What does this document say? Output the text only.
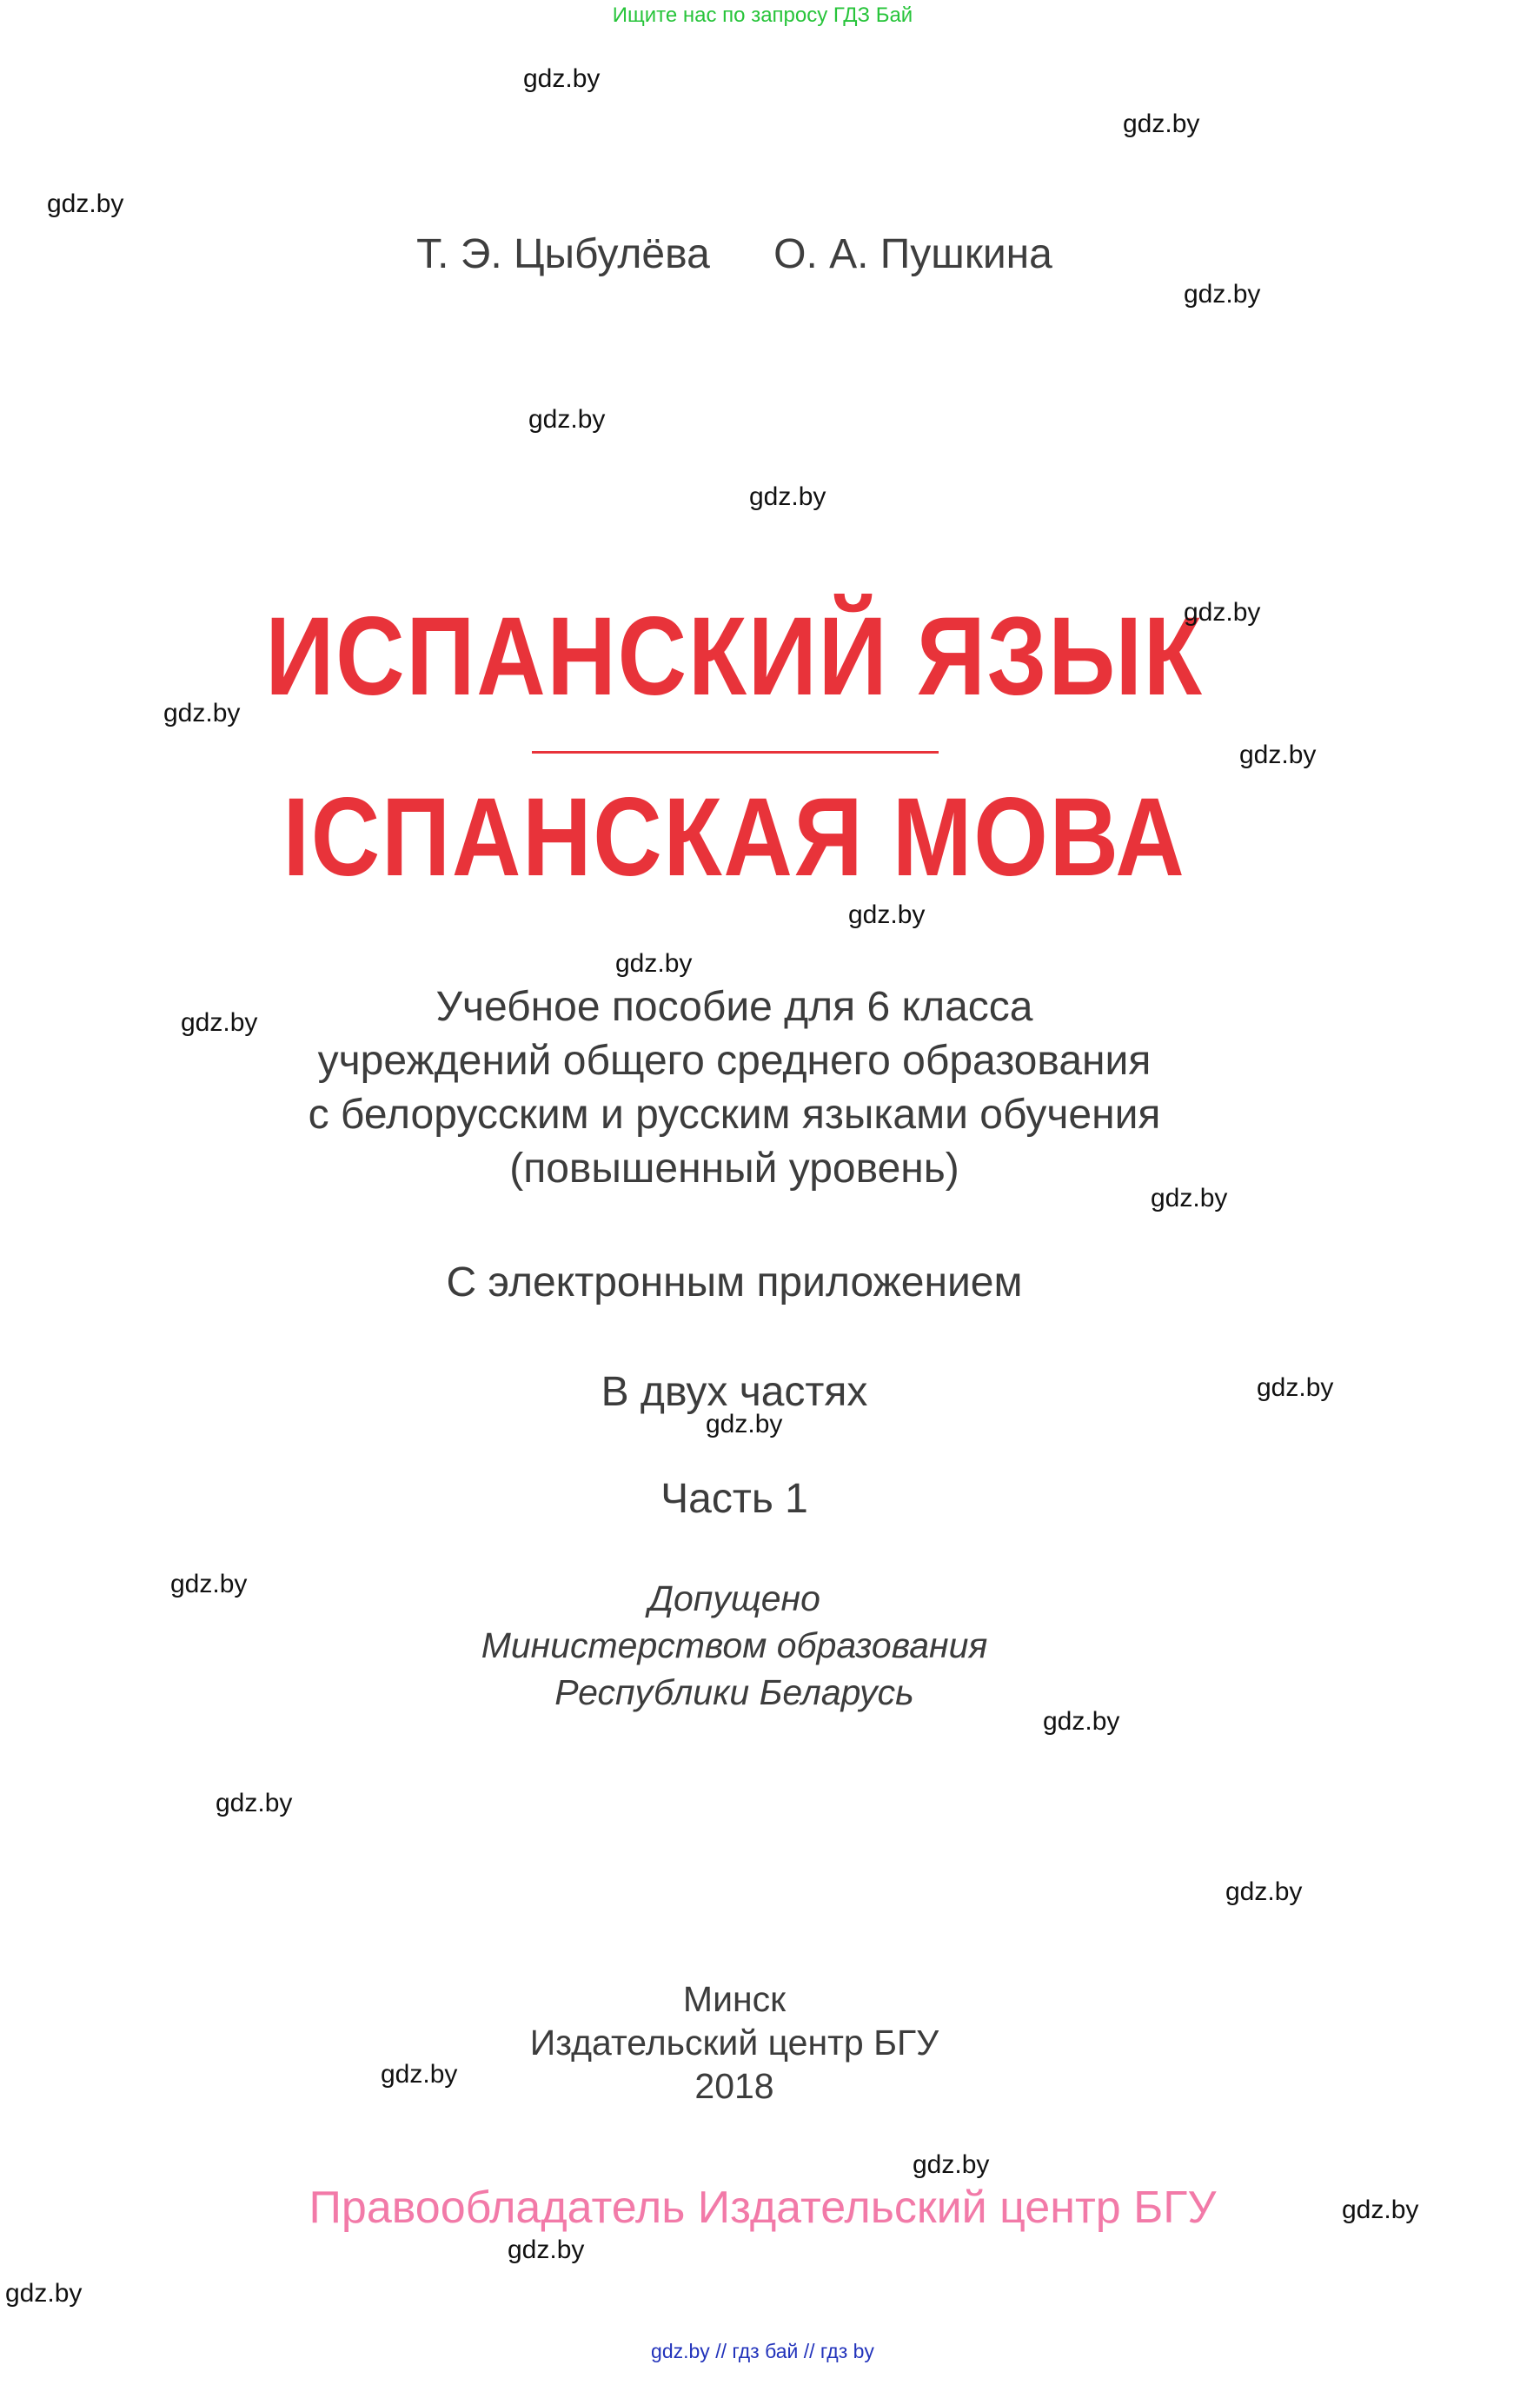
Ищите нас по запросу ГДЗ Бай
Т. Э. Цыбулёва О. А. Пушкина
ИСПАНСКИЙ ЯЗЫК
ІСПАНСКАЯ МОВА
Учебное пособие для 6 класса
учреждений общего среднего образования
с белорусским и русским языками обучения
(повышенный уровень)
С электронным приложением
В двух частях
Часть 1
Допущено
Министерством образования
Республики Беларусь
Минск
Издательский центр БГУ
2018
Правообладатель Издательский центр БГУ
gdz.by
gdz.by
gdz.by
gdz.by
gdz.by
gdz.by
gdz.by
gdz.by
gdz.by
gdz.by
gdz.by
gdz.by
gdz.by
gdz.by
gdz.by
gdz.by
gdz.by
gdz.by
gdz.by
gdz.by
gdz.by
gdz.by
gdz.by
gdz.by
gdz.by // гдз бай // гдз by
